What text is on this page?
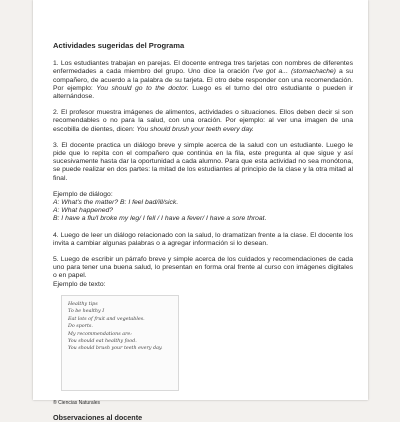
Actividades sugeridas del Programa

1. Los estudiantes trabajan en parejas. El docente entrega tres tarjetas con nombres de diferentes enfermedades a cada miembro del grupo. Uno dice la oración I've got a... (stomachache) a su compañero, de acuerdo a la palabra de su tarjeta. El otro debe responder con una recomendación. Por ejemplo: You should go to the doctor. Luego es el turno del otro estudiante o pueden ir alternándose.

2. El profesor muestra imágenes de alimentos, actividades o situaciones. Ellos deben decir si son recomendables o no para la salud, con una oración. Por ejemplo: al ver una imagen de una escobilla de dientes, dicen: You should brush your teeth every day.

3. El docente practica un diálogo breve y simple acerca de la salud con un estudiante. Luego le pide que lo repita con el compañero que continúa en la fila, este pregunta al que sigue y así sucesivamente hasta dar la oportunidad a cada alumno. Para que esta actividad no sea monótona, se puede realizar en dos partes: la mitad de los estudiantes al principio de la clase y la otra mitad al final.

Ejemplo de diálogo:
A: What's the matter? B: I feel bad/ill/sick.
A: What happened?
B: I have a flu/I broke my leg/ I fell / I have a fever/ I have a sore throat.

4. Luego de leer un diálogo relacionado con la salud, lo dramatizan frente a la clase. El docente los invita a cambiar algunas palabras o a agregar información si lo desean.

5. Luego de escribir un párrafo breve y simple acerca de los cuidados y recomendaciones de cada uno para tener una buena salud, lo presentan en forma oral frente al curso con imágenes digitales o en papel.
Ejemplo de texto:

Healthy tips
To be healthy I
Eat lots of fruit and vegetables.
Do sports.
My recommendations are:
You should eat healthy food.
You should brush your teeth every day.
® Ciencias Naturales
Observaciones al docente
